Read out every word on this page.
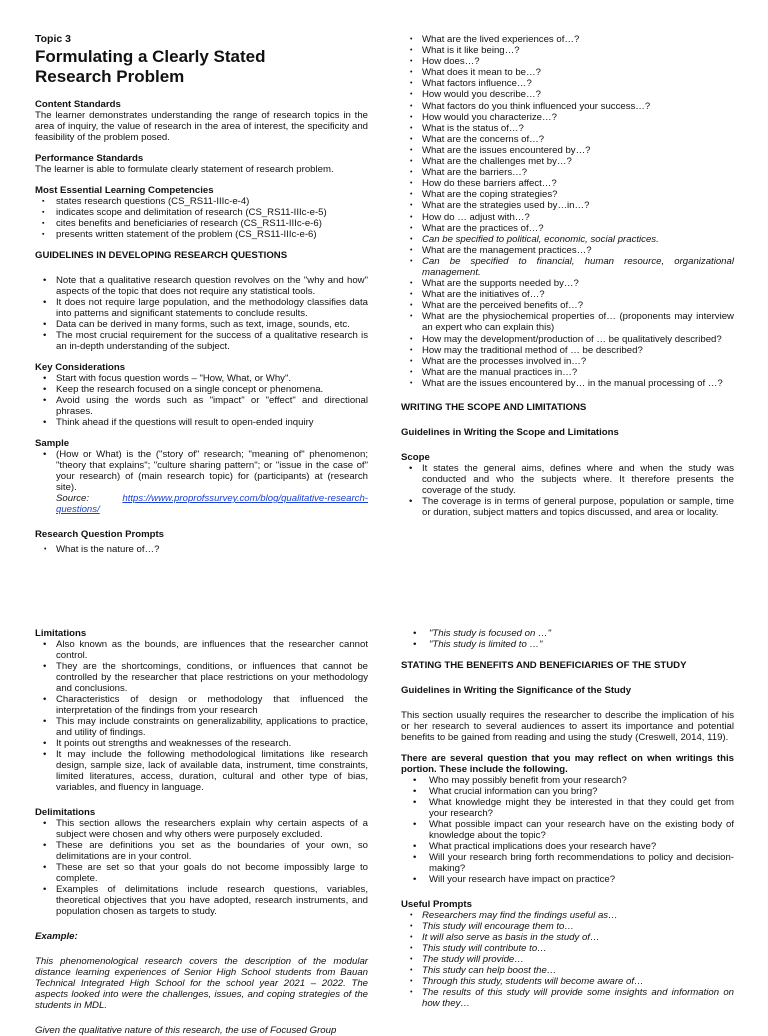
Topic 3
Formulating a Clearly Stated
Research Problem
Content Standards

The learner demonstrates understanding the range of research topics in the area of inquiry, the value of research in the area of interest, the specificity and feasibility of the problem posed.

Performance Standards

The learner is able to formulate clearly statement of research problem.

Most Essential Learning Competencies
▪ states research questions (CS_RS11-IIIc-e-4)
▪ indicates scope and delimitation of research (CS_RS11-IIIc-e-5)
▪ cites benefits and beneficiaries of research (CS_RS11-IIIc-e-6)
▪ presents written statement of the problem (CS_RS11-IIIc-e-6)
GUIDELINES IN DEVELOPING RESEARCH QUESTIONS
• Note that a qualitative research question revolves on the "why and how" aspects of the topic that does not require any statistical tools.
• It does not require large population, and the methodology classifies data into patterns and significant statements to conclude results.
• Data can be derived in many forms, such as text, image, sounds, etc.
• The most crucial requirement for the success of a qualitative research is an in-depth understanding of the subject.
Key Considerations
• Start with focus question words – "How, What, or Why".
• Keep the research focused on a single concept or phenomena.
• Avoid using the words such as "impact" or "effect" and directional phrases.
• Think ahead if the questions will result to open-ended inquiry
Sample
• (How or What) is the ("story of" research; "meaning of" phenomenon; "theory that explains"; "culture sharing pattern"; or "issue in the case of" your research) of (main research topic) for (participants) at (research site).
Source:	https://www.proprofssurvey.com/blog/qualitative-research-questions/
Research Question Prompts
• What is the nature of…?
• What are the lived experiences of…?
• What is it like being…?
• How does…?
• What does it mean to be…?
• What factors influence…?
• How would you describe…?
• What factors do you think influenced your success…?
• How would you characterize…?
• What is the status of…?
• What are the concerns of…?
• What are the issues encountered by…?
• What are the challenges met by…?
• What are the barriers…?
• How do these barriers affect…?
• What are the coping strategies?
• What are the strategies used by…in…?
• How do … adjust with…?
• What are the practices of…?
• Can be specified to political, economic, social practices.
• What are the management practices…?
• Can be specified to financial, human resource, organizational management.
• What are the supports needed by…?
• What are the initiatives of…?
• What are the perceived benefits of…?
• What are the physiochemical properties of… (proponents may interview an expert who can explain this)
• How may the development/production of … be qualitatively described?
• How may the traditional method of … be described?
• What are the processes involved in…?
• What are the manual practices in…?
• What are the issues encountered by… in the manual processing of …?
WRITING THE SCOPE AND LIMITATIONS
Guidelines in Writing the Scope and Limitations
Scope
• It states the general aims, defines where and when the study was conducted and who the subjects where. It therefore presents the coverage of the study.
• The coverage is in terms of general purpose, population or sample, time or duration, subject matters and topics discussed, and area or locality.
Limitations
• Also known as the bounds, are influences that the researcher cannot control.
• They are the shortcomings, conditions, or influences that cannot be controlled by the researcher that place restrictions on your methodology and conclusions.
• Characteristics of design or methodology that influenced the interpretation of the findings from your research
• This may include constraints on generalizability, applications to practice, and utility of findings.
• It points out strengths and weaknesses of the research.
• It may include the following methodological limitations like research design, sample size, lack of available data, instrument, time constraints, limited literatures, access, duration, cultural and other type of bias, variables, and fluency in language.
Delimitations
• This section allows the researchers explain why certain aspects of a subject were chosen and why others were purposely excluded.
• These are definitions you set as the boundaries of your own, so delimitations are in your control.
• These are set so that your goals do not become impossibly large to complete.
• Examples of delimitations include research questions, variables, theoretical objectives that you have adopted, research instruments, and population chosen as targets to study.
Example:

This phenomenological research covers the description of the modular distance learning experiences of Senior High School students from Bauan Technical Integrated High School for the school year 2021 – 2022. The aspects looked into were the challenges, issues, and coping strategies of the students in MDL.

Given the qualitative nature of this research, the use of Focused Group

• "This study is focused on …"
• "This study is limited to …"
STATING THE BENEFITS AND BENEFICIARIES OF THE STUDY
Guidelines in Writing the Significance of the Study

This section usually requires the researcher to describe the implication of his or her research to several audiences to assert its importance and potential benefits to be gained from reading and using the study (Creswell, 2014, 119).

There are several question that you may reflect on when writings this portion. These include the following.

• Who may possibly benefit from your research?
• What crucial information can you bring?
• What knowledge might they be interested in that they could get from your research?
• What possible impact can your research have on the existing body of knowledge about the topic?
• What practical implications does your research have?
• Will your research bring forth recommendations to policy and decision-making?
• Will your research have impact on practice?
Useful Prompts
• Researchers may find the findings useful as…
• This study will encourage them to…
• It will also serve as basis in the study of…
• This study will contribute to…
• The study will provide…
• This study can help boost the…
• Through this study, students will become aware of…
• The results of this study will provide some insights and information on how they…
